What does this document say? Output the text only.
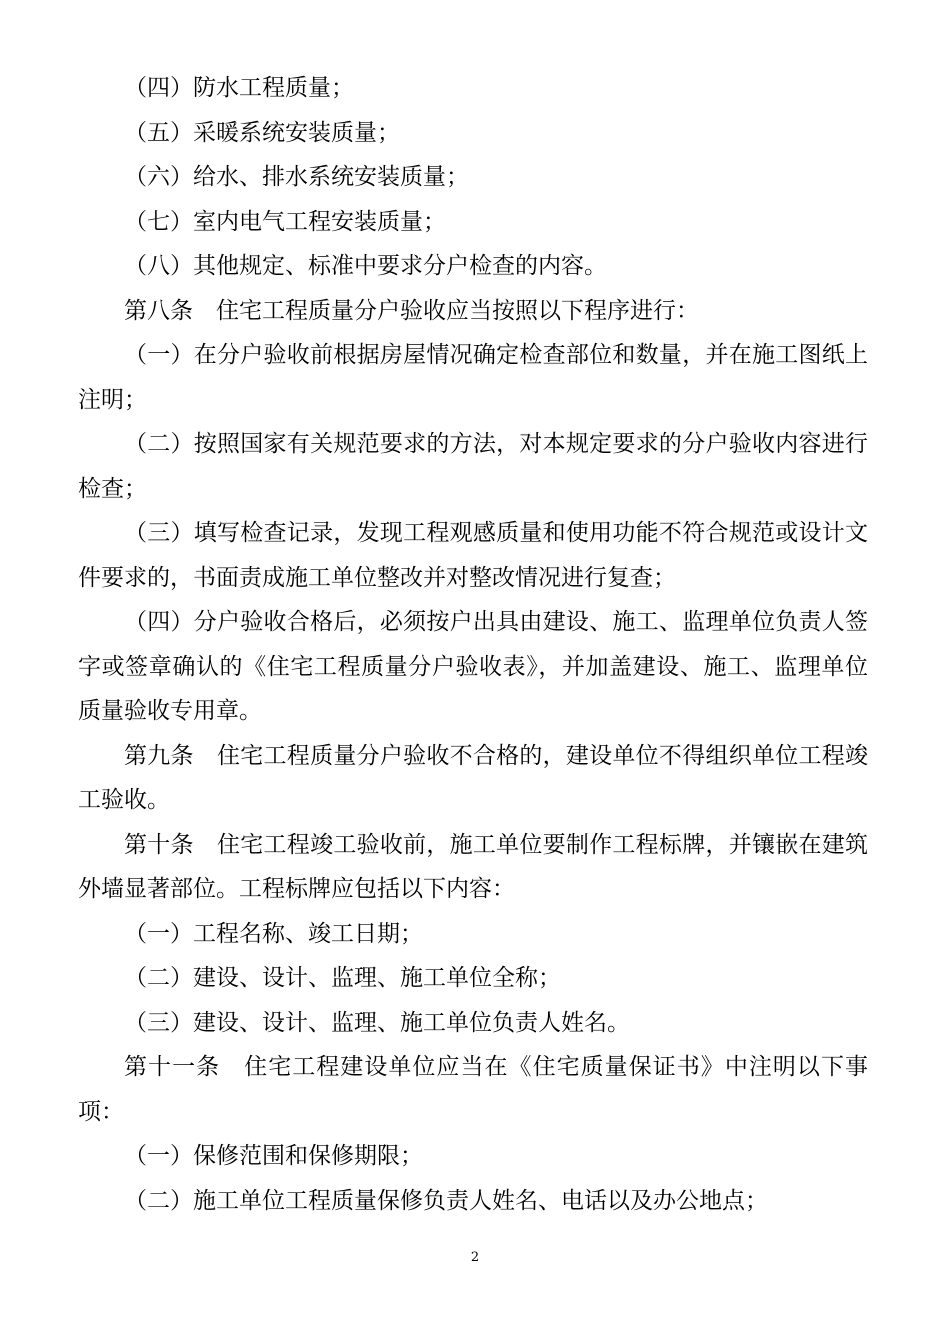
（四）防水工程质量；

（五）采暖系统安装质量；

（六）给水、排水系统安装质量；

（七）室内电气工程安装质量；

（八）其他规定、标准中要求分户检查的内容。

第八条　住宅工程质量分户验收应当按照以下程序进行：

（一）在分户验收前根据房屋情况确定检查部位和数量，并在施工图纸上注明；

（二）按照国家有关规范要求的方法，对本规定要求的分户验收内容进行检查；

（三）填写检查记录，发现工程观感质量和使用功能不符合规范或设计文件要求的，书面责成施工单位整改并对整改情况进行复查；

（四）分户验收合格后，必须按户出具由建设、施工、监理单位负责人签字或签章确认的《住宅工程质量分户验收表》，并加盖建设、施工、监理单位质量验收专用章。

第九条　住宅工程质量分户验收不合格的，建设单位不得组织单位工程竣工验收。

第十条　住宅工程竣工验收前，施工单位要制作工程标牌，并镶嵌在建筑外墙显著部位。工程标牌应包括以下内容：

（一）工程名称、竣工日期；

（二）建设、设计、监理、施工单位全称；

（三）建设、设计、监理、施工单位负责人姓名。

第十一条　住宅工程建设单位应当在《住宅质量保证书》中注明以下事项：

（一）保修范围和保修期限；

（二）施工单位工程质量保修负责人姓名、电话以及办公地点；

2
